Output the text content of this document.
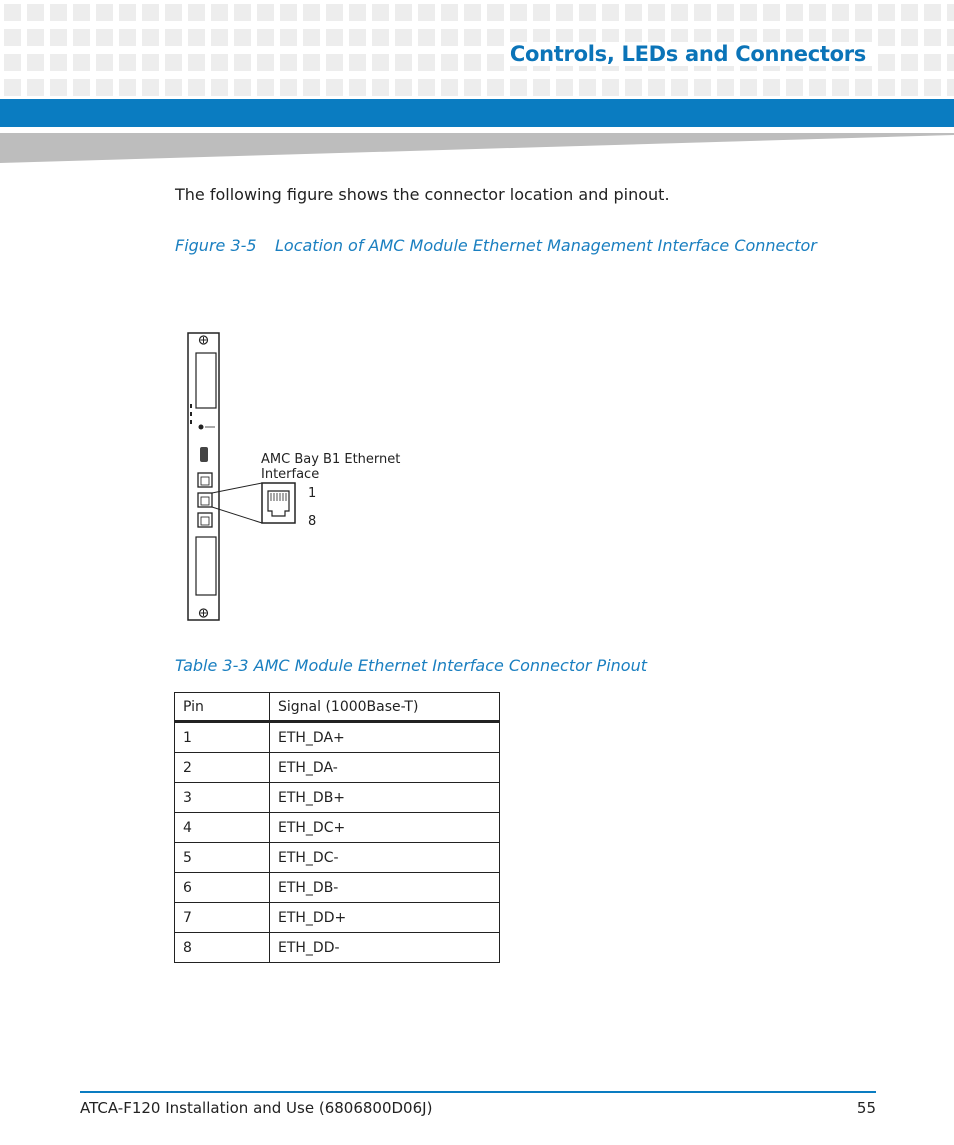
Controls, LEDs and Connectors
The following figure shows the connector location and pinout.
Figure 3-5 Location of AMC Module Ethernet Management Interface Connector
AMC Bay B1 Ethernet
Interface
1
8
Table 3-3 AMC Module Ethernet Interface Connector Pinout
Pin	Signal (1000Base-T)
1	ETH_DA+
2	ETH_DA-
3	ETH_DB+
4	ETH_DC+
5	ETH_DC-
6	ETH_DB-
7	ETH_DD+
8	ETH_DD-
ATCA-F120 Installation and Use (6806800D06J)	55
